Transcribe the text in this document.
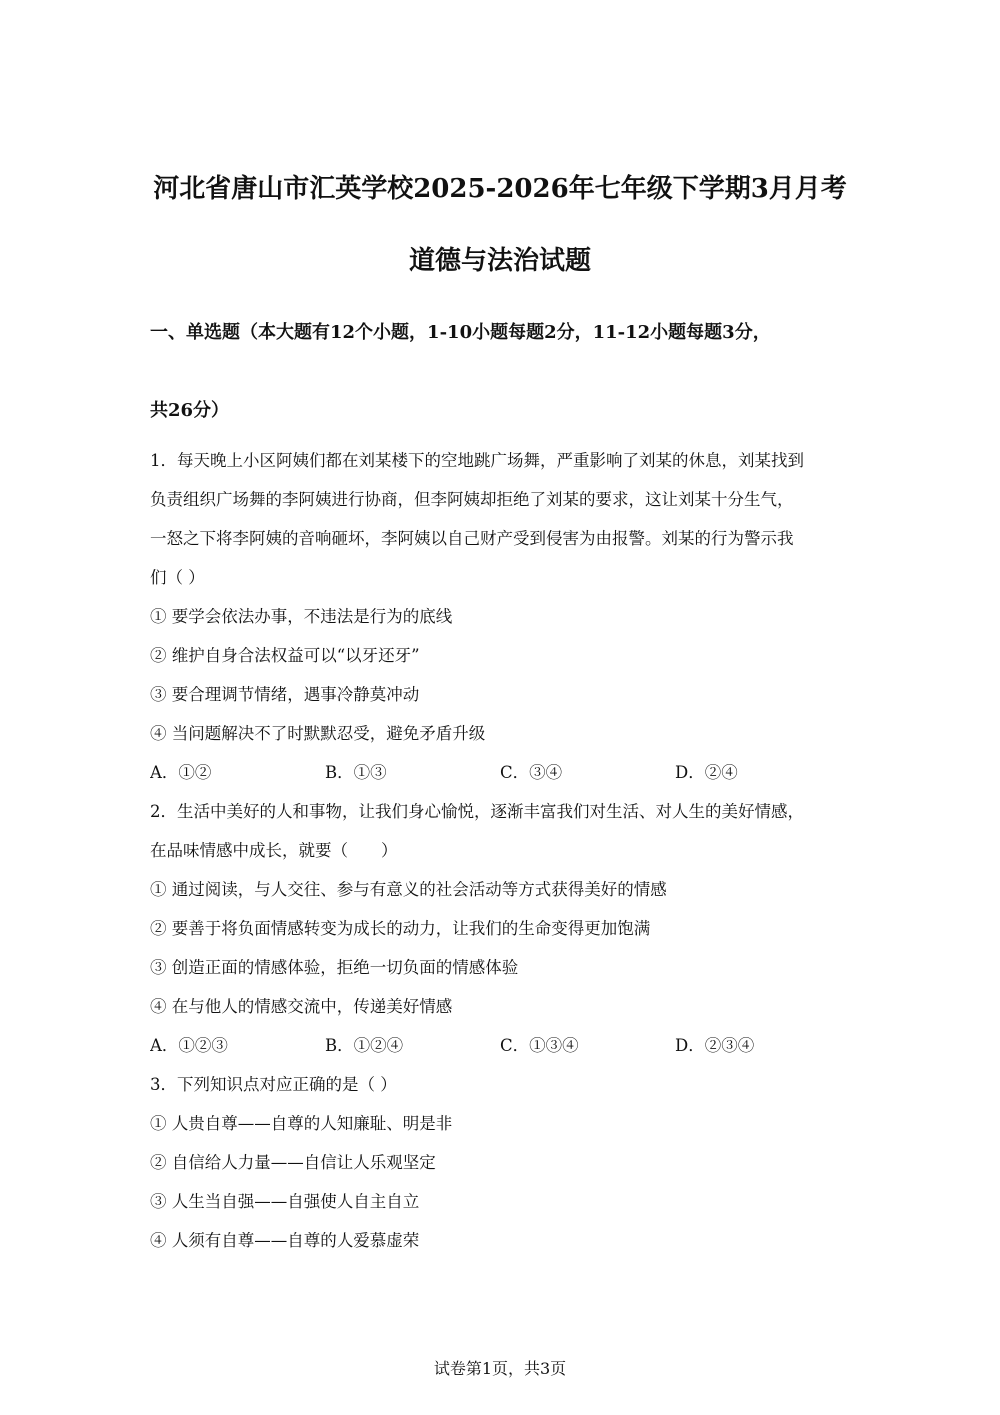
河北省唐山市汇英学校2025-2026年七年级下学期3月月考
道德与法治试题
一、单选题（本大题有12个小题，1-10小题每题2分，11-12小题每题3分，
共26分）
1．每天晚上小区阿姨们都在刘某楼下的空地跳广场舞，严重影响了刘某的休息，刘某找到
负责组织广场舞的李阿姨进行协商，但李阿姨却拒绝了刘某的要求，这让刘某十分生气，
一怒之下将李阿姨的音响砸坏，李阿姨以自己财产受到侵害为由报警。刘某的行为警示我
们（ ）
① 要学会依法办事，不违法是行为的底线
② 维护自身合法权益可以“以牙还牙”
③ 要合理调节情绪，遇事冷静莫冲动
④ 当问题解决不了时默默忍受，避免矛盾升级
A．①②	B．①③	C．③④	D．②④
2．生活中美好的人和事物，让我们身心愉悦，逐渐丰富我们对生活、对人生的美好情感，
在品味情感中成长，就要（　　）
① 通过阅读，与人交往、参与有意义的社会活动等方式获得美好的情感
② 要善于将负面情感转变为成长的动力，让我们的生命变得更加饱满
③ 创造正面的情感体验，拒绝一切负面的情感体验
④ 在与他人的情感交流中，传递美好情感
A．①②③	B．①②④	C．①③④	D．②③④
3．下列知识点对应正确的是（ ）
① 人贵自尊——自尊的人知廉耻、明是非
② 自信给人力量——自信让人乐观坚定
③ 人生当自强——自强使人自主自立
④ 人须有自尊——自尊的人爱慕虚荣
试卷第1页，共3页
